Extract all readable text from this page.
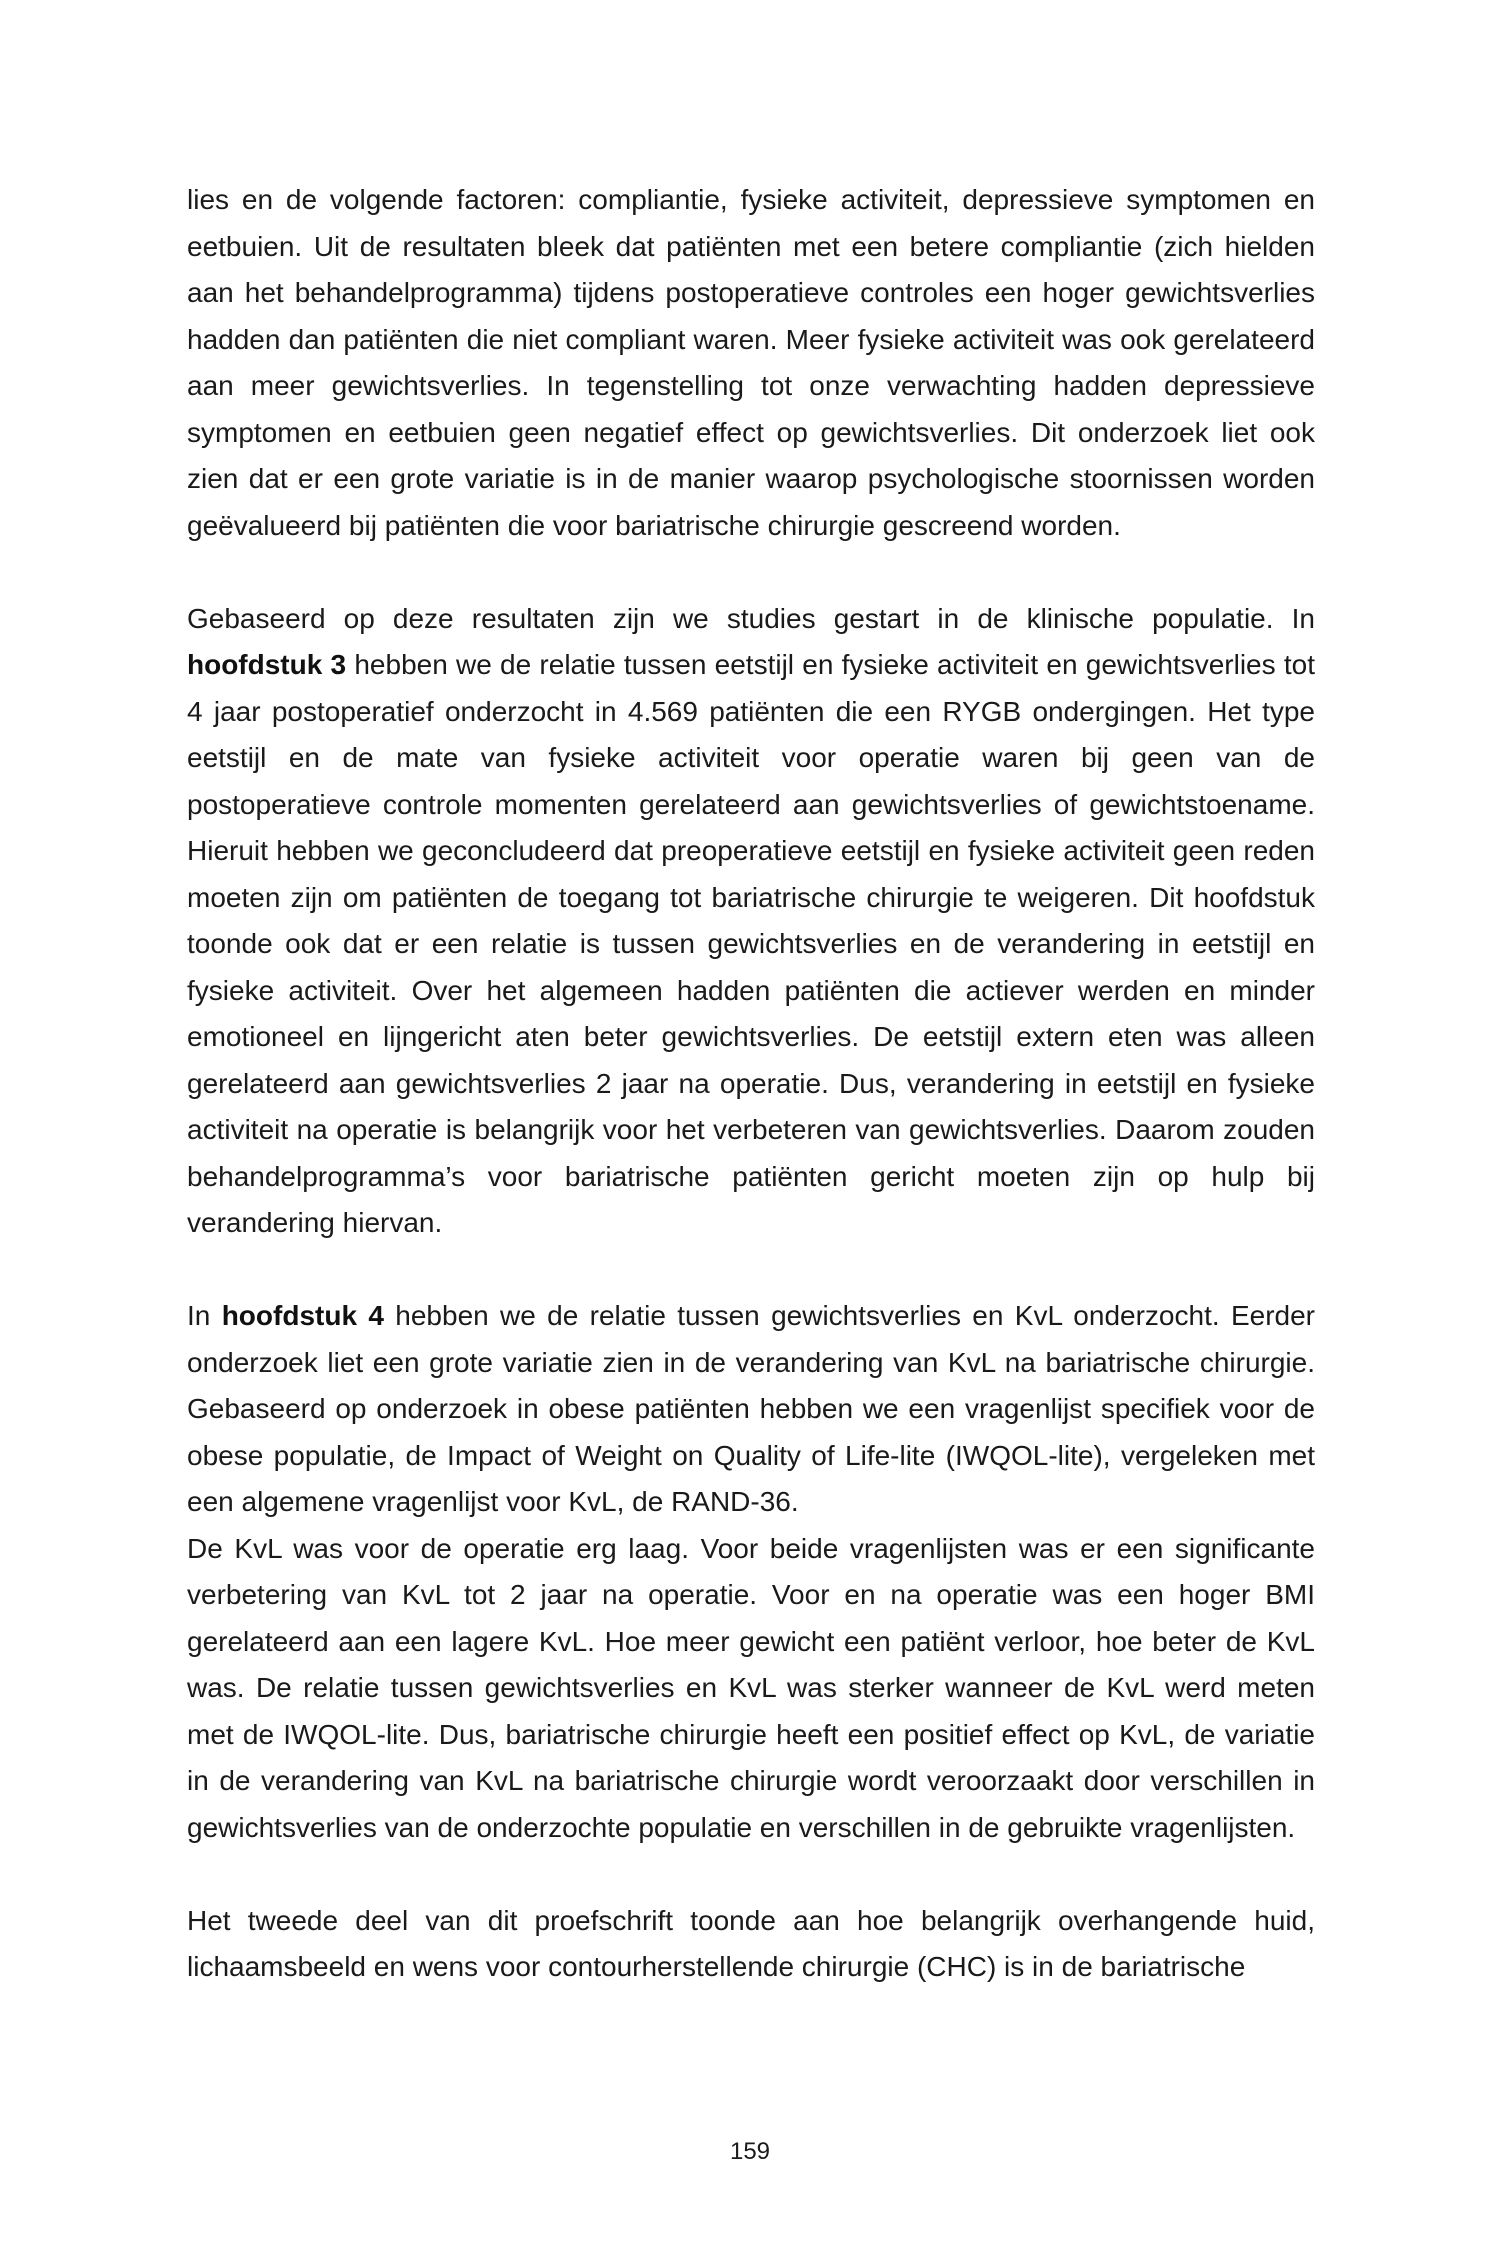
lies en de volgende factoren: compliantie, fysieke activiteit, depressieve symptomen en eetbuien. Uit de resultaten bleek dat patiënten met een betere compliantie (zich hielden aan het behandelprogramma) tijdens postoperatieve controles een hoger gewichtsverlies hadden dan patiënten die niet compliant waren. Meer fysieke activiteit was ook gerelateerd aan meer gewichtsverlies. In tegenstelling tot onze verwachting hadden depressieve symptomen en eetbuien geen negatief effect op gewichtsverlies. Dit onderzoek liet ook zien dat er een grote variatie is in de manier waarop psychologische stoornissen worden geëvalueerd bij patiënten die voor bariatrische chirurgie gescreend worden.

Gebaseerd op deze resultaten zijn we studies gestart in de klinische populatie. In hoofdstuk 3 hebben we de relatie tussen eetstijl en fysieke activiteit en gewichtsverlies tot 4 jaar postoperatief onderzocht in 4.569 patiënten die een RYGB ondergingen. Het type eetstijl en de mate van fysieke activiteit voor operatie waren bij geen van de postoperatieve controle momenten gerelateerd aan gewichtsverlies of gewichtstoename. Hieruit hebben we geconcludeerd dat preoperatieve eetstijl en fysieke activiteit geen reden moeten zijn om patiënten de toegang tot bariatrische chirurgie te weigeren. Dit hoofdstuk toonde ook dat er een relatie is tussen gewichtsverlies en de verandering in eetstijl en fysieke activiteit. Over het algemeen hadden patiënten die actiever werden en minder emotioneel en lijngericht aten beter gewichtsverlies. De eetstijl extern eten was alleen gerelateerd aan gewichtsverlies 2 jaar na operatie. Dus, verandering in eetstijl en fysieke activiteit na operatie is belangrijk voor het verbeteren van gewichtsverlies. Daarom zouden behandelprogramma’s voor bariatrische patiënten gericht moeten zijn op hulp bij verandering hiervan.

In hoofdstuk 4 hebben we de relatie tussen gewichtsverlies en KvL onderzocht. Eerder onderzoek liet een grote variatie zien in de verandering van KvL na bariatrische chirurgie. Gebaseerd op onderzoek in obese patiënten hebben we een vragenlijst specifiek voor de obese populatie, de Impact of Weight on Quality of Life-lite (IWQOL-lite), vergeleken met een algemene vragenlijst voor KvL, de RAND-36.

De KvL was voor de operatie erg laag. Voor beide vragenlijsten was er een significante verbetering van KvL tot 2 jaar na operatie. Voor en na operatie was een hoger BMI gerelateerd aan een lagere KvL. Hoe meer gewicht een patiënt verloor, hoe beter de KvL was. De relatie tussen gewichtsverlies en KvL was sterker wanneer de KvL werd meten met de IWQOL-lite. Dus, bariatrische chirurgie heeft een positief effect op KvL, de variatie in de verandering van KvL na bariatrische chirurgie wordt veroorzaakt door verschillen in gewichtsverlies van de onderzochte populatie en verschillen in de gebruikte vragenlijsten.

Het tweede deel van dit proefschrift toonde aan hoe belangrijk overhangende huid, lichaamsbeeld en wens voor contourherstellende chirurgie (CHC) is in de bariatrische

159
